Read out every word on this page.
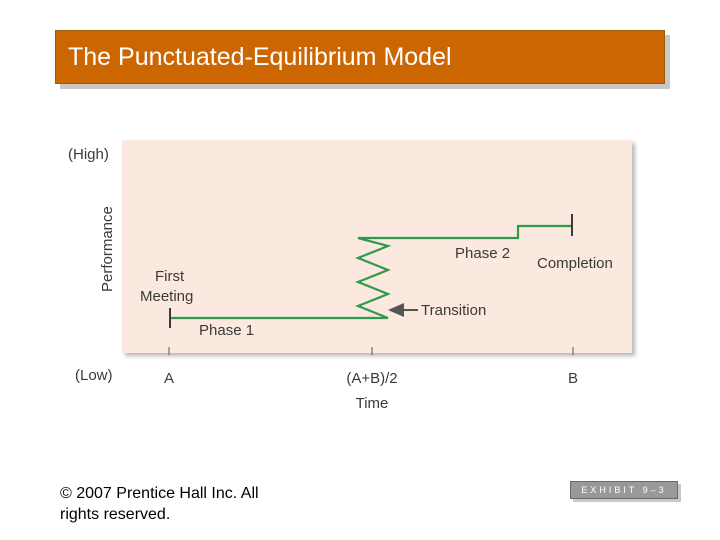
The Punctuated-Equilibrium Model
(High)
(Low)
Performance
A	(A+B)/2	B
Time
First
Meeting
Phase 1
Phase 2
Transition
Completion
© 2007 Prentice Hall Inc. All rights reserved.
EXHIBIT 9–3
